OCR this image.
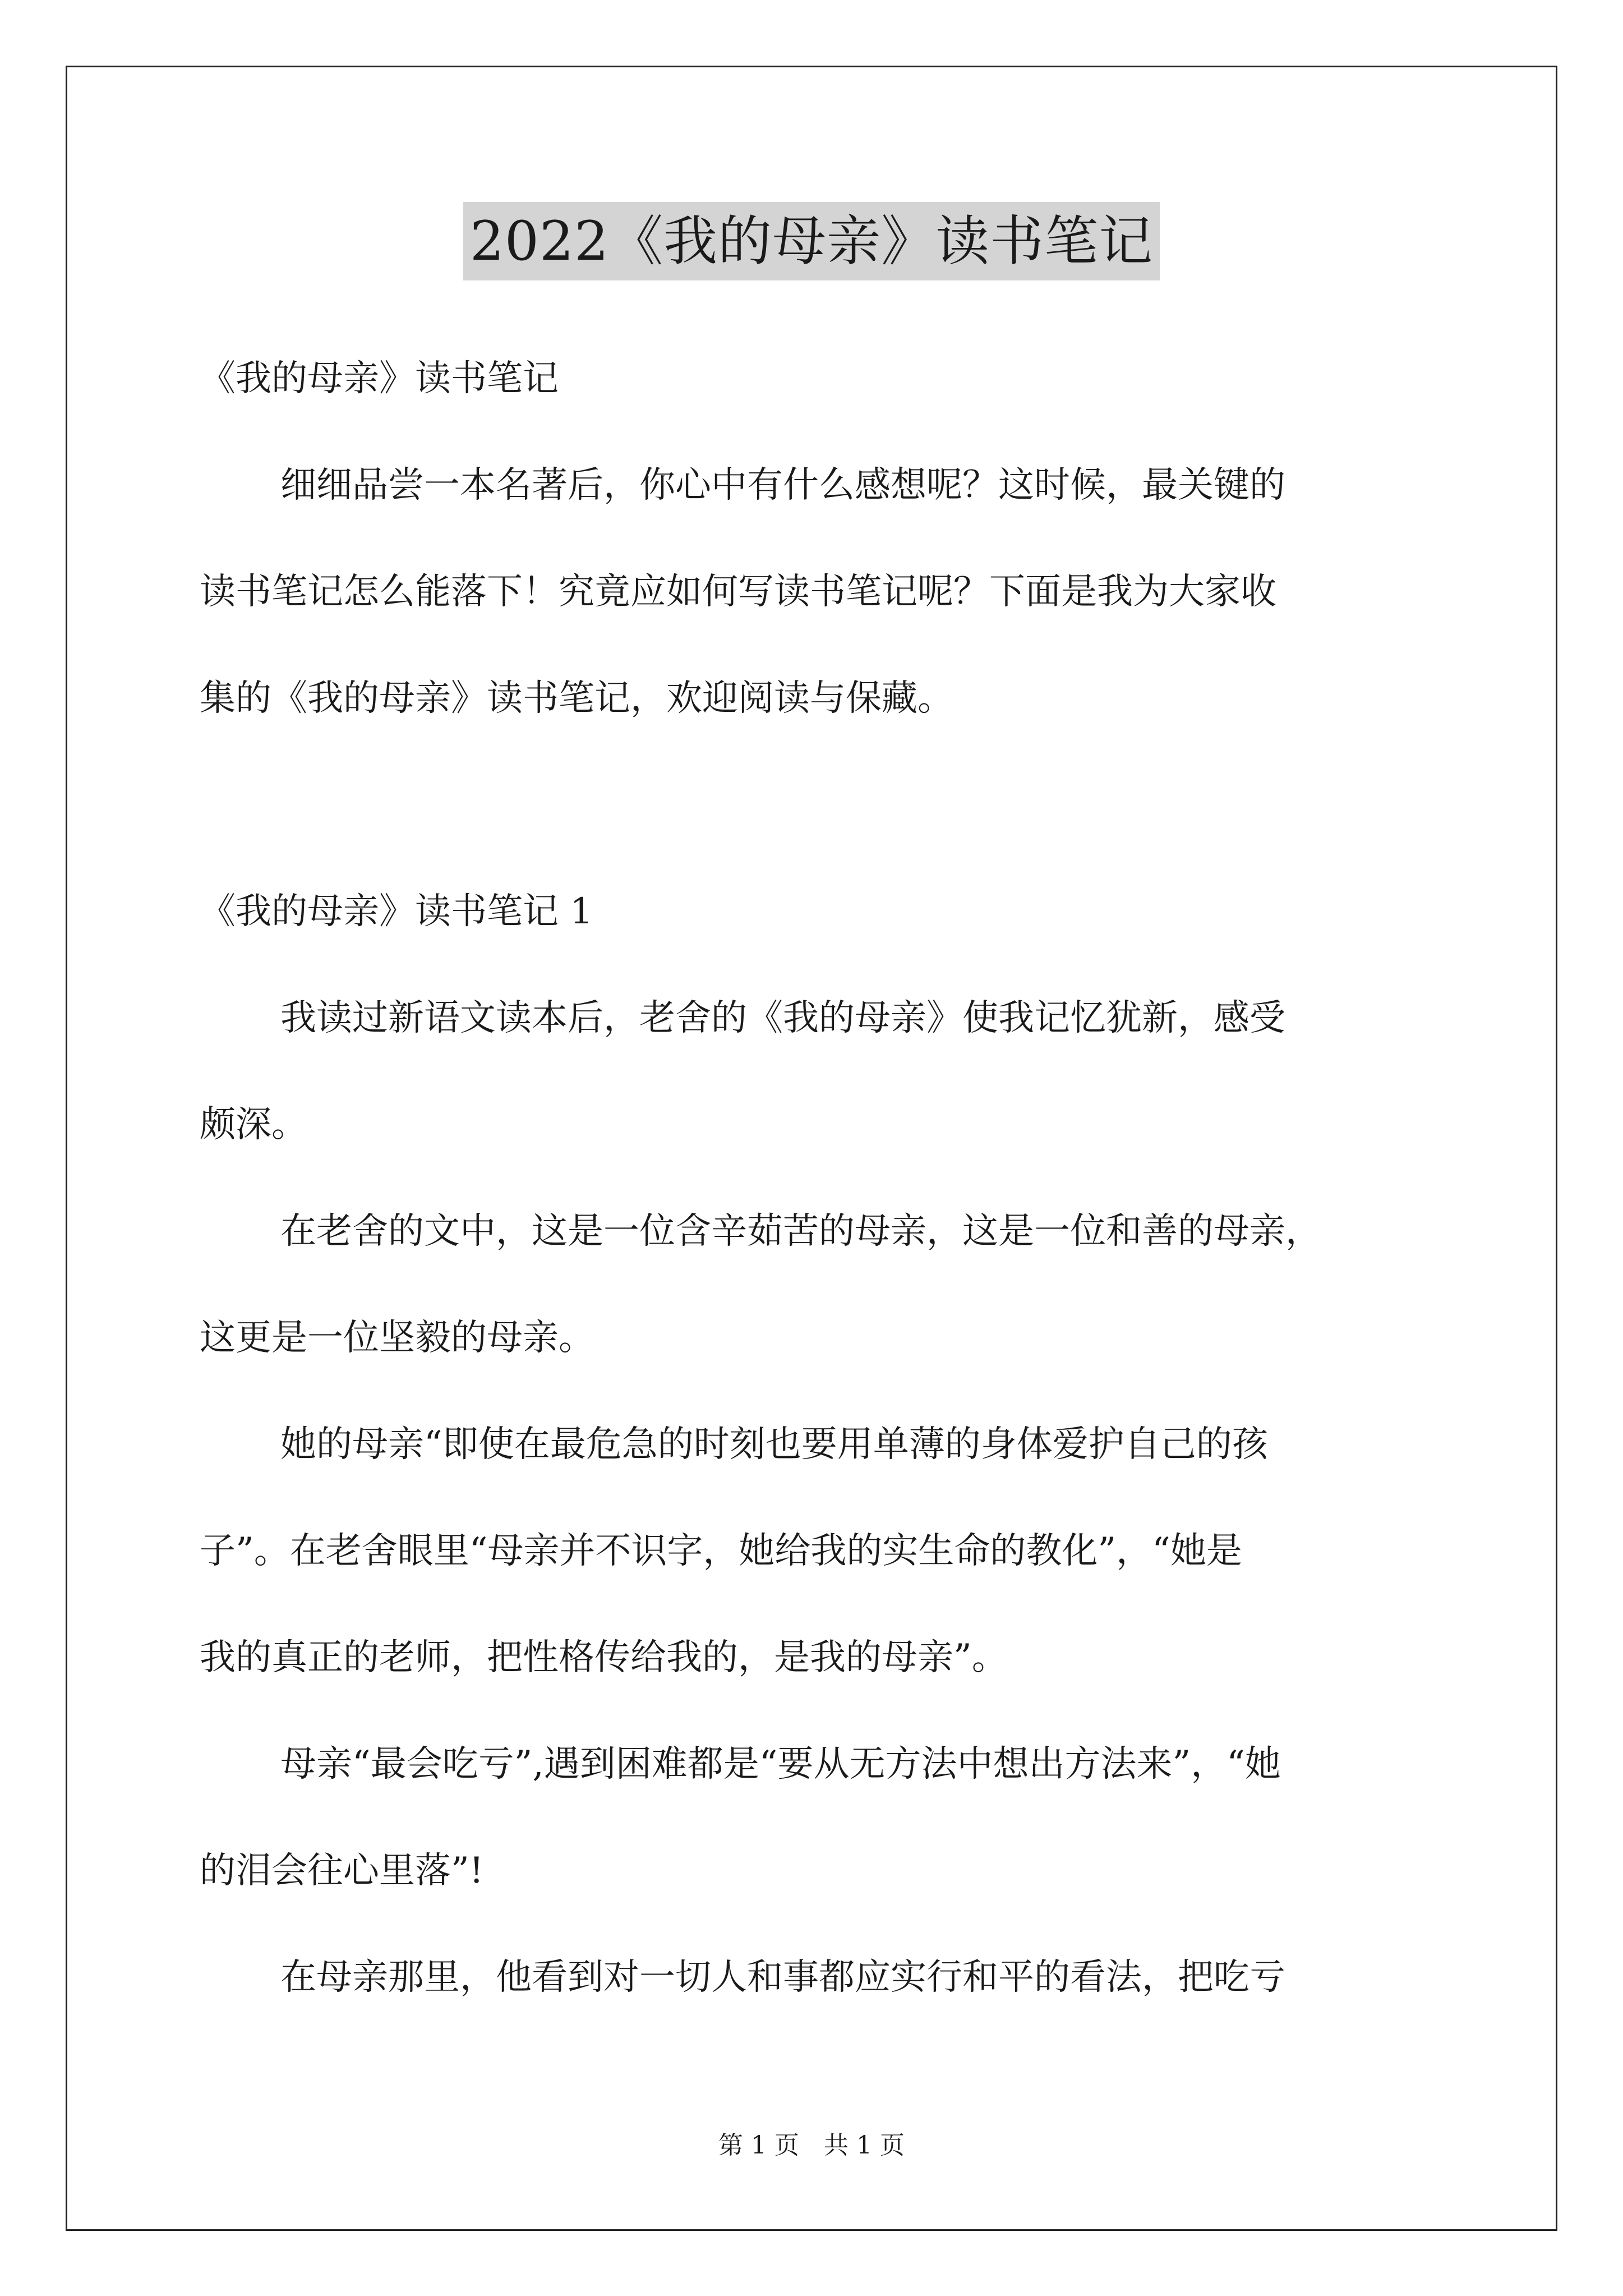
2022《我的母亲》读书笔记
《我的母亲》读书笔记
细细品尝一本名著后，你心中有什么感想呢？这时候，最关键的
读书笔记怎么能落下！究竟应如何写读书笔记呢？下面是我为大家收
集的《我的母亲》读书笔记，欢迎阅读与保藏。
《我的母亲》读书笔记 1
我读过新语文读本后，老舍的《我的母亲》使我记忆犹新，感受
颇深。
在老舍的文中，这是一位含辛茹苦的母亲，这是一位和善的母亲，
这更是一位坚毅的母亲。
她的母亲“即使在最危急的时刻也要用单薄的身体爱护自己的孩
子”。在老舍眼里“母亲并不识字，她给我的实生命的教化”，“她是
我的真正的老师，把性格传给我的，是我的母亲”。
母亲“最会吃亏”,遇到困难都是“要从无方法中想出方法来”，“她
的泪会往心里落”!
在母亲那里，他看到对一切人和事都应实行和平的看法，把吃亏
第 1 页　共 1 页
